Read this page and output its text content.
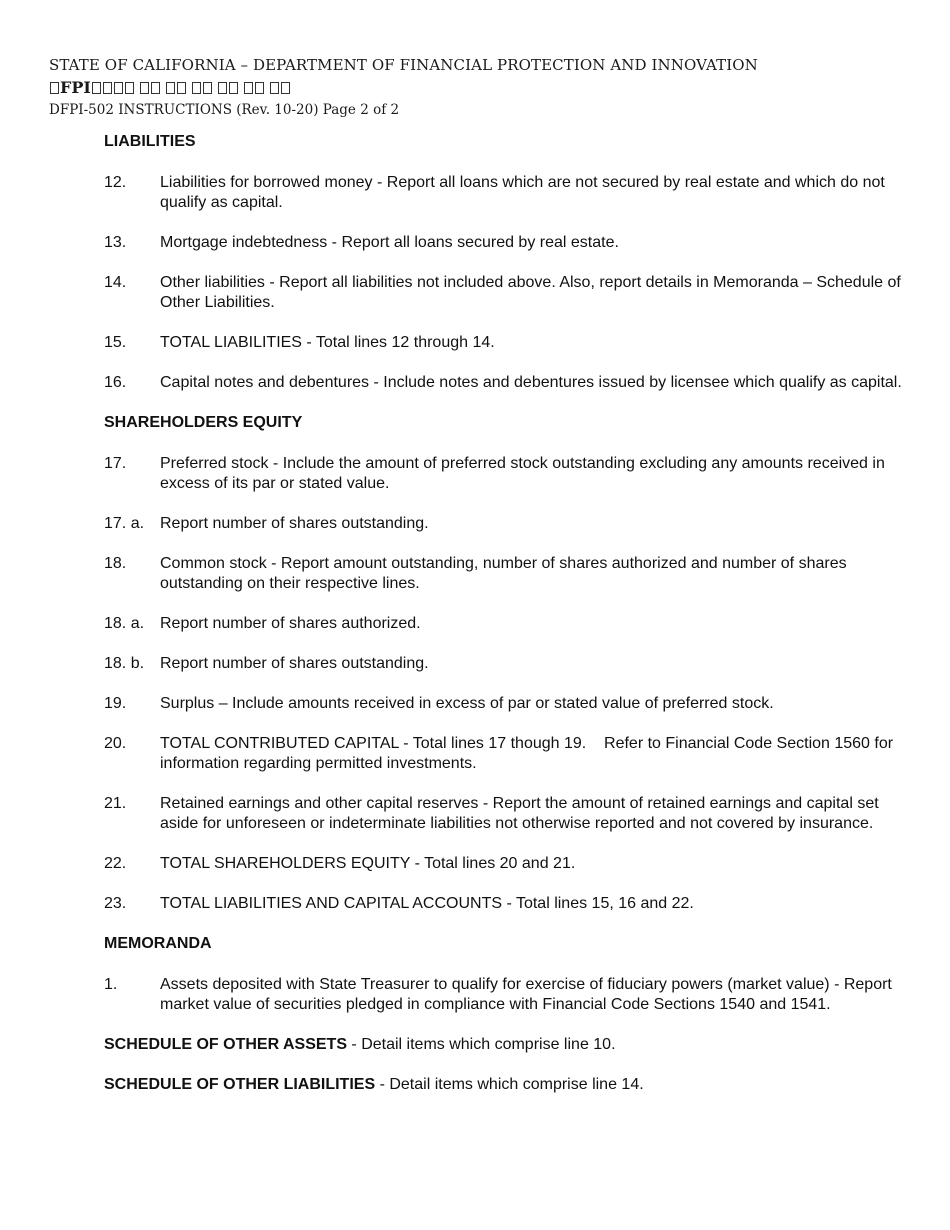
STATE OF CALIFORNIA – DEPARTMENT OF FINANCIAL PROTECTION AND INNOVATION
FPI
DFPI-502 INSTRUCTIONS (Rev. 10-20) Page 2 of 2
LIABILITIES
12.	Liabilities for borrowed money - Report all loans which are not secured by real estate and which do not qualify as capital.
13.	Mortgage indebtedness - Report all loans secured by real estate.
14.	Other liabilities - Report all liabilities not included above. Also, report details in Memoranda – Schedule of Other Liabilities.
15.	TOTAL LIABILITIES - Total lines 12 through 14.
16.	Capital notes and debentures - Include notes and debentures issued by licensee which qualify as capital.
SHAREHOLDERS EQUITY
17.	Preferred stock - Include the amount of preferred stock outstanding excluding any amounts received in excess of its par or stated value.
17. a. Report number of shares outstanding.
18.	Common stock - Report amount outstanding, number of shares authorized and number of shares outstanding on their respective lines.
18. a. Report number of shares authorized.
18. b. Report number of shares outstanding.
19.	Surplus – Include amounts received in excess of par or stated value of preferred stock.
20.	TOTAL CONTRIBUTED CAPITAL - Total lines 17 though 19.    Refer to Financial Code Section 1560 for information regarding permitted investments.
21.	Retained earnings and other capital reserves - Report the amount of retained earnings and capital set aside for unforeseen or indeterminate liabilities not otherwise reported and not covered by insurance.
22.	TOTAL SHAREHOLDERS EQUITY - Total lines 20 and 21.
23.	TOTAL LIABILITIES AND CAPITAL ACCOUNTS - Total lines 15, 16 and 22.
MEMORANDA
1.	Assets deposited with State Treasurer to qualify for exercise of fiduciary powers (market value) - Report market value of securities pledged in compliance with Financial Code Sections 1540 and 1541.
SCHEDULE OF OTHER ASSETS - Detail items which comprise line 10.
SCHEDULE OF OTHER LIABILITIES - Detail items which comprise line 14.
